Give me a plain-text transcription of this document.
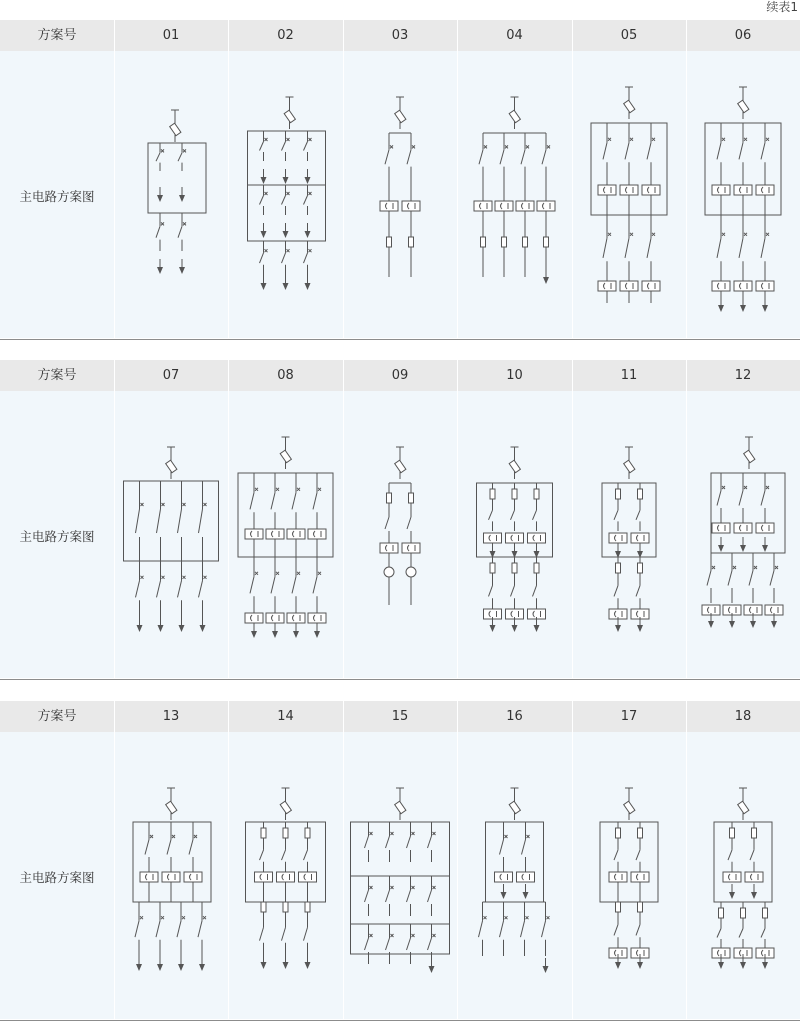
续表1
方案号	01	02	03	04	05	06
主电路方案图
方案号	07	08	09	10	11	12
主电路方案图
方案号	13	14	15	16	17	18
主电路方案图
